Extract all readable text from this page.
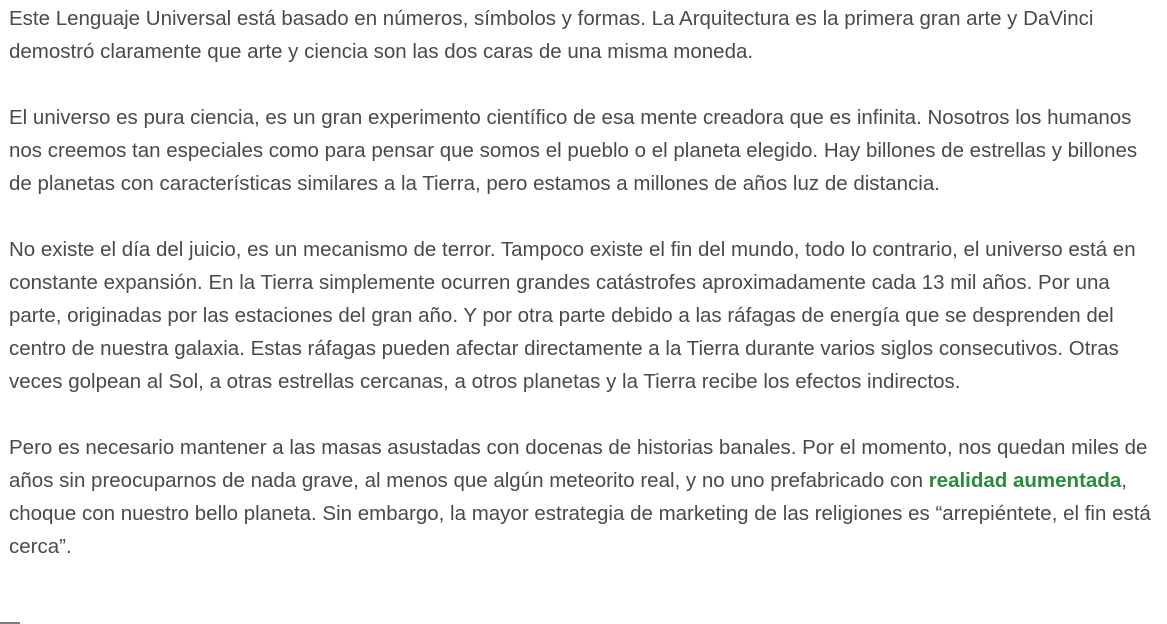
Este Lenguaje Universal está basado en números, símbolos y formas. La Arquitectura es la primera gran arte y DaVinci demostró claramente que arte y ciencia son las dos caras de una misma moneda.

El universo es pura ciencia, es un gran experimento científico de esa mente creadora que es infinita. Nosotros los humanos nos creemos tan especiales como para pensar que somos el pueblo o el planeta elegido. Hay billones de estrellas y billones de planetas con características similares a la Tierra, pero estamos a millones de años luz de distancia.

No existe el día del juicio, es un mecanismo de terror. Tampoco existe el fin del mundo, todo lo contrario, el universo está en constante expansión. En la Tierra simplemente ocurren grandes catástrofes aproximadamente cada 13 mil años. Por una parte, originadas por las estaciones del gran año. Y por otra parte debido a las ráfagas de energía que se desprenden del centro de nuestra galaxia. Estas ráfagas pueden afectar directamente a la Tierra durante varios siglos consecutivos. Otras veces golpean al Sol, a otras estrellas cercanas, a otros planetas y la Tierra recibe los efectos indirectos.

Pero es necesario mantener a las masas asustadas con docenas de historias banales. Por el momento, nos quedan miles de años sin preocuparnos de nada grave, al menos que algún meteorito real, y no uno prefabricado con realidad aumentada, choque con nuestro bello planeta. Sin embargo, la mayor estrategia de marketing de las religiones es “arrepiéntete, el fin está cerca”.
